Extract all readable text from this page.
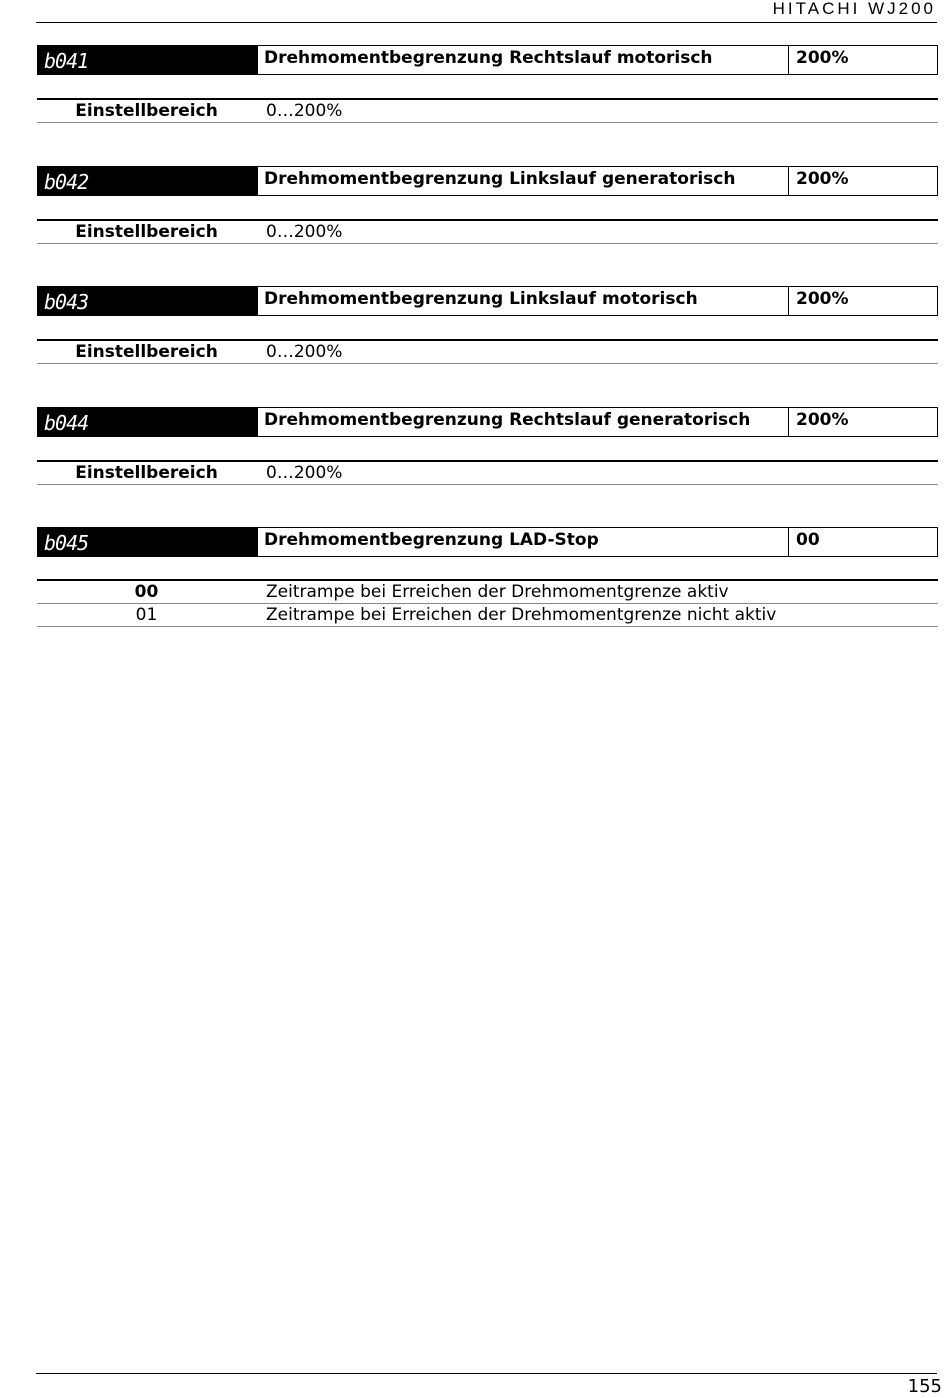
HITACHI WJ200
b041	Drehmomentbegrenzung Rechtslauf motorisch	200%
Einstellbereich	0…200%
b042	Drehmomentbegrenzung Linkslauf generatorisch	200%
Einstellbereich	0…200%
b043	Drehmomentbegrenzung Linkslauf motorisch	200%
Einstellbereich	0…200%
b044	Drehmomentbegrenzung Rechtslauf generatorisch	200%
Einstellbereich	0…200%
b045	Drehmomentbegrenzung LAD-Stop	00
00	Zeitrampe bei Erreichen der Drehmomentgrenze aktiv
01	Zeitrampe bei Erreichen der Drehmomentgrenze nicht aktiv
155
